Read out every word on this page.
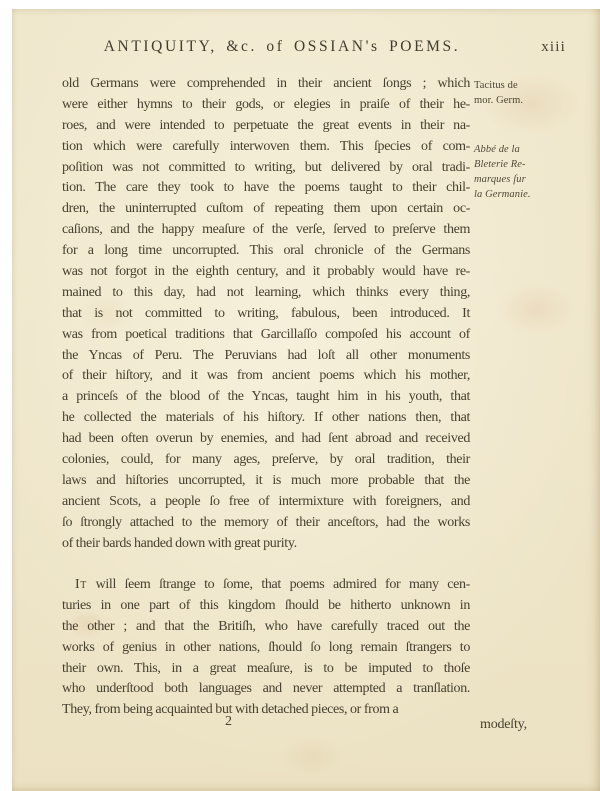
ANTIQUITY, &c. of OSSIAN's POEMS.	xiii
old Germans were comprehended in their ancient ſongs ; which
were either hymns to their gods, or elegies in praiſe of their he-
roes, and were intended to perpetuate the great events in their na-
tion which were carefully interwoven them. This ſpecies of com-
poſition was not committed to writing, but delivered by oral tradi-
tion. The care they took to have the poems taught to their chil-
dren, the uninterrupted cuſtom of repeating them upon certain oc-
caſions, and the happy meaſure of the verſe, ſerved to preſerve them
for a long time uncorrupted. This oral chronicle of the Germans
was not forgot in the eighth century, and it probably would have re-
mained to this day, had not learning, which thinks every thing,
that is not committed to writing, fabulous, been introduced. It
was from poetical traditions that Garcillaſſo compoſed his account of
the Yncas of Peru. The Peruvians had loſt all other monuments
of their hiſtory, and it was from ancient poems which his mother,
a princeſs of the blood of the Yncas, taught him in his youth, that
he collected the materials of his hiſtory. If other nations then, that
had been often overun by enemies, and had ſent abroad and received
colonies, could, for many ages, preſerve, by oral tradition, their
laws and hiſtories uncorrupted, it is much more probable that the
ancient Scots, a people ſo free of intermixture with foreigners, and
ſo ſtrongly attached to the memory of their anceſtors, had the works
of their bards handed down with great purity.
It will ſeem ſtrange to ſome, that poems admired for many cen-
turies in one part of this kingdom ſhould be hitherto unknown in
the other ; and that the Britiſh, who have carefully traced out the
works of genius in other nations, ſhould ſo long remain ſtrangers to
their own. This, in a great meaſure, is to be imputed to thoſe
who underſtood both languages and never attempted a tranſlation.
They, from being acquainted but with detached pieces, or from a
Tacitus de
mor. Germ.
Abbé de la
Bleterie Re-
marques ſur
la Germanie.
2	modeſty,
